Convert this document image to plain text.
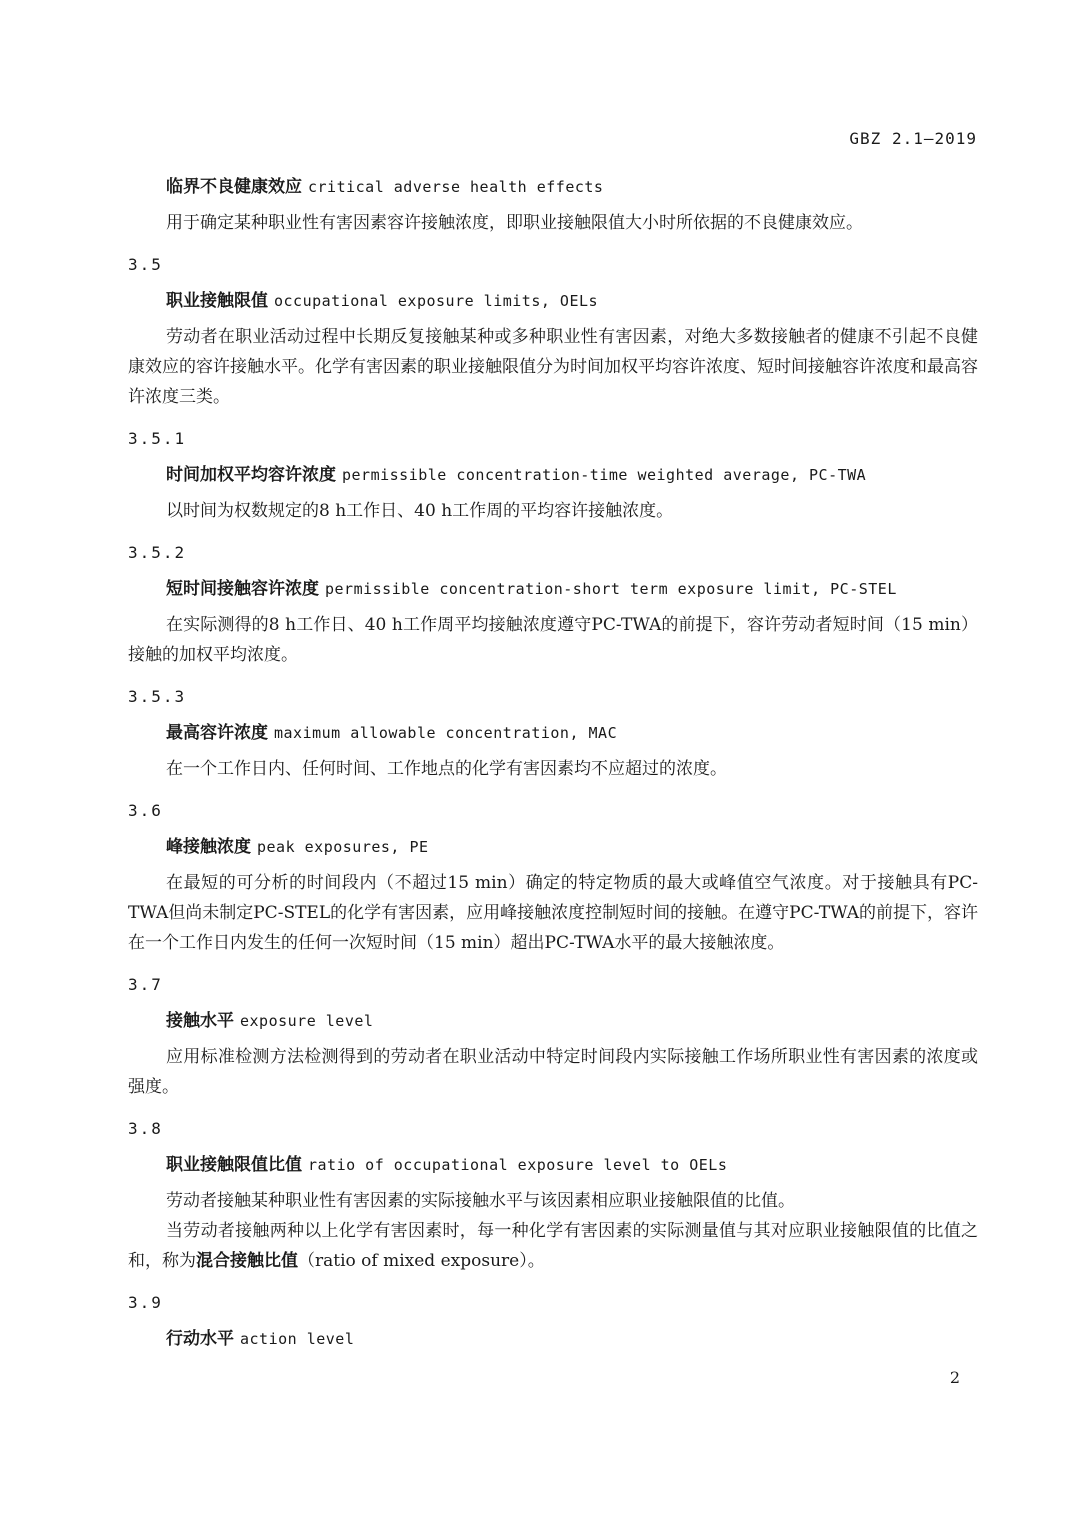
GBZ 2.1—2019
临界不良健康效应 critical adverse health effects

用于确定某种职业性有害因素容许接触浓度，即职业接触限值大小时所依据的不良健康效应。

3.5
职业接触限值 occupational exposure limits, OELs

劳动者在职业活动过程中长期反复接触某种或多种职业性有害因素，对绝大多数接触者的健康不引起不良健康效应的容许接触水平。化学有害因素的职业接触限值分为时间加权平均容许浓度、短时间接触容许浓度和最高容许浓度三类。

3.5.1
时间加权平均容许浓度 permissible concentration-time weighted average, PC-TWA

以时间为权数规定的8 h工作日、40 h工作周的平均容许接触浓度。

3.5.2
短时间接触容许浓度 permissible concentration-short term exposure limit, PC-STEL

在实际测得的8 h工作日、40 h工作周平均接触浓度遵守PC-TWA的前提下，容许劳动者短时间（15 min）接触的加权平均浓度。

3.5.3
最高容许浓度 maximum allowable concentration, MAC

在一个工作日内、任何时间、工作地点的化学有害因素均不应超过的浓度。

3.6
峰接触浓度 peak exposures, PE

在最短的可分析的时间段内（不超过15 min）确定的特定物质的最大或峰值空气浓度。对于接触具有PC-TWA但尚未制定PC-STEL的化学有害因素，应用峰接触浓度控制短时间的接触。在遵守PC-TWA的前提下，容许在一个工作日内发生的任何一次短时间（15 min）超出PC-TWA水平的最大接触浓度。

3.7
接触水平 exposure level

应用标准检测方法检测得到的劳动者在职业活动中特定时间段内实际接触工作场所职业性有害因素的浓度或强度。

3.8
职业接触限值比值 ratio of occupational exposure level to OELs

劳动者接触某种职业性有害因素的实际接触水平与该因素相应职业接触限值的比值。

当劳动者接触两种以上化学有害因素时，每一种化学有害因素的实际测量值与其对应职业接触限值的比值之和，称为混合接触比值（ratio of mixed exposure）。

3.9
行动水平 action level
2
